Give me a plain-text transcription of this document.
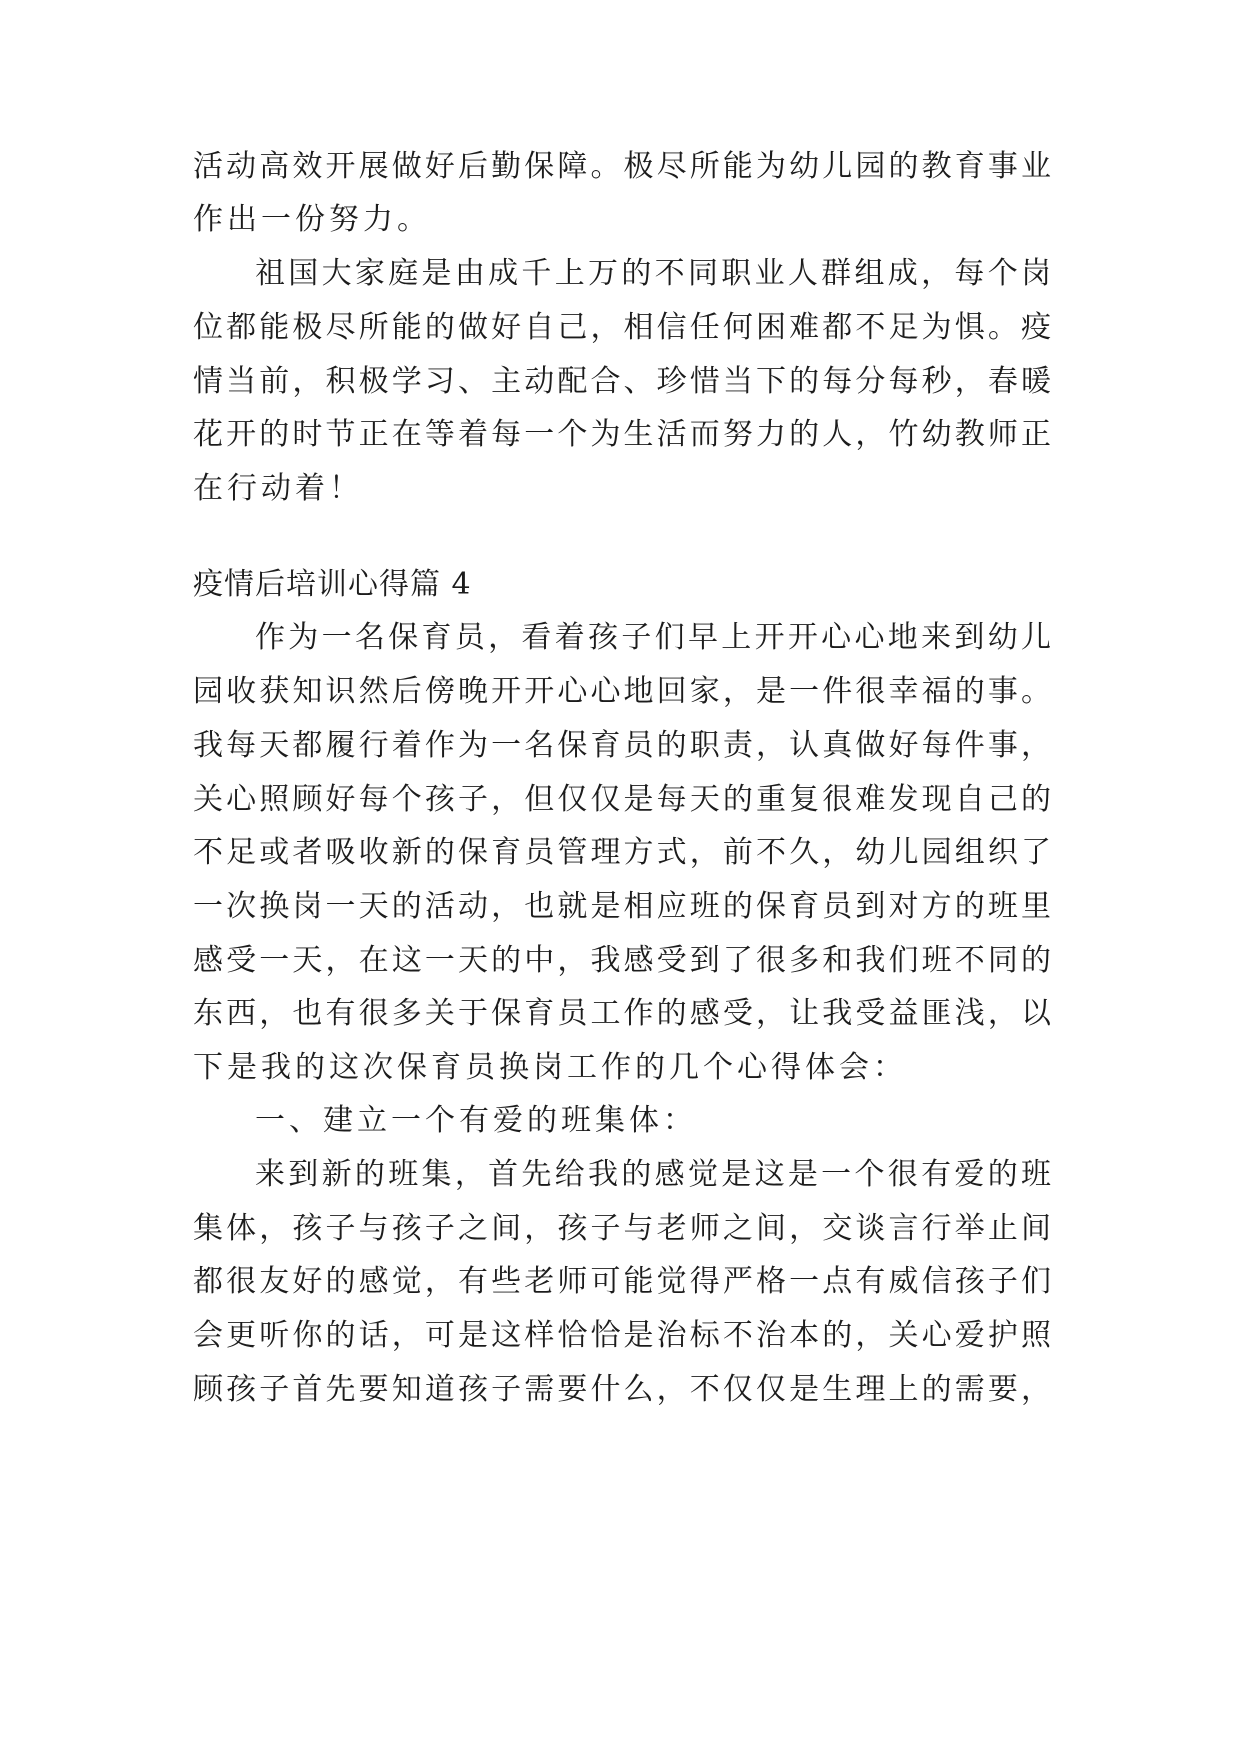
活动高效开展做好后勤保障。极尽所能为幼儿园的教育事业
作出一份努力。
祖国大家庭是由成千上万的不同职业人群组成，每个岗
位都能极尽所能的做好自己，相信任何困难都不足为惧。疫
情当前，积极学习、主动配合、珍惜当下的每分每秒，春暖
花开的时节正在等着每一个为生活而努力的人，竹幼教师正
在行动着！
疫情后培训心得篇 4
作为一名保育员，看着孩子们早上开开心心地来到幼儿
园收获知识然后傍晚开开心心地回家，是一件很幸福的事。
我每天都履行着作为一名保育员的职责，认真做好每件事，
关心照顾好每个孩子，但仅仅是每天的重复很难发现自己的
不足或者吸收新的保育员管理方式，前不久，幼儿园组织了
一次换岗一天的活动，也就是相应班的保育员到对方的班里
感受一天，在这一天的中，我感受到了很多和我们班不同的
东西，也有很多关于保育员工作的感受，让我受益匪浅，以
下是我的这次保育员换岗工作的几个心得体会：
一、建立一个有爱的班集体：
来到新的班集，首先给我的感觉是这是一个很有爱的班
集体，孩子与孩子之间，孩子与老师之间，交谈言行举止间
都很友好的感觉，有些老师可能觉得严格一点有威信孩子们
会更听你的话，可是这样恰恰是治标不治本的，关心爱护照
顾孩子首先要知道孩子需要什么，不仅仅是生理上的需要，
